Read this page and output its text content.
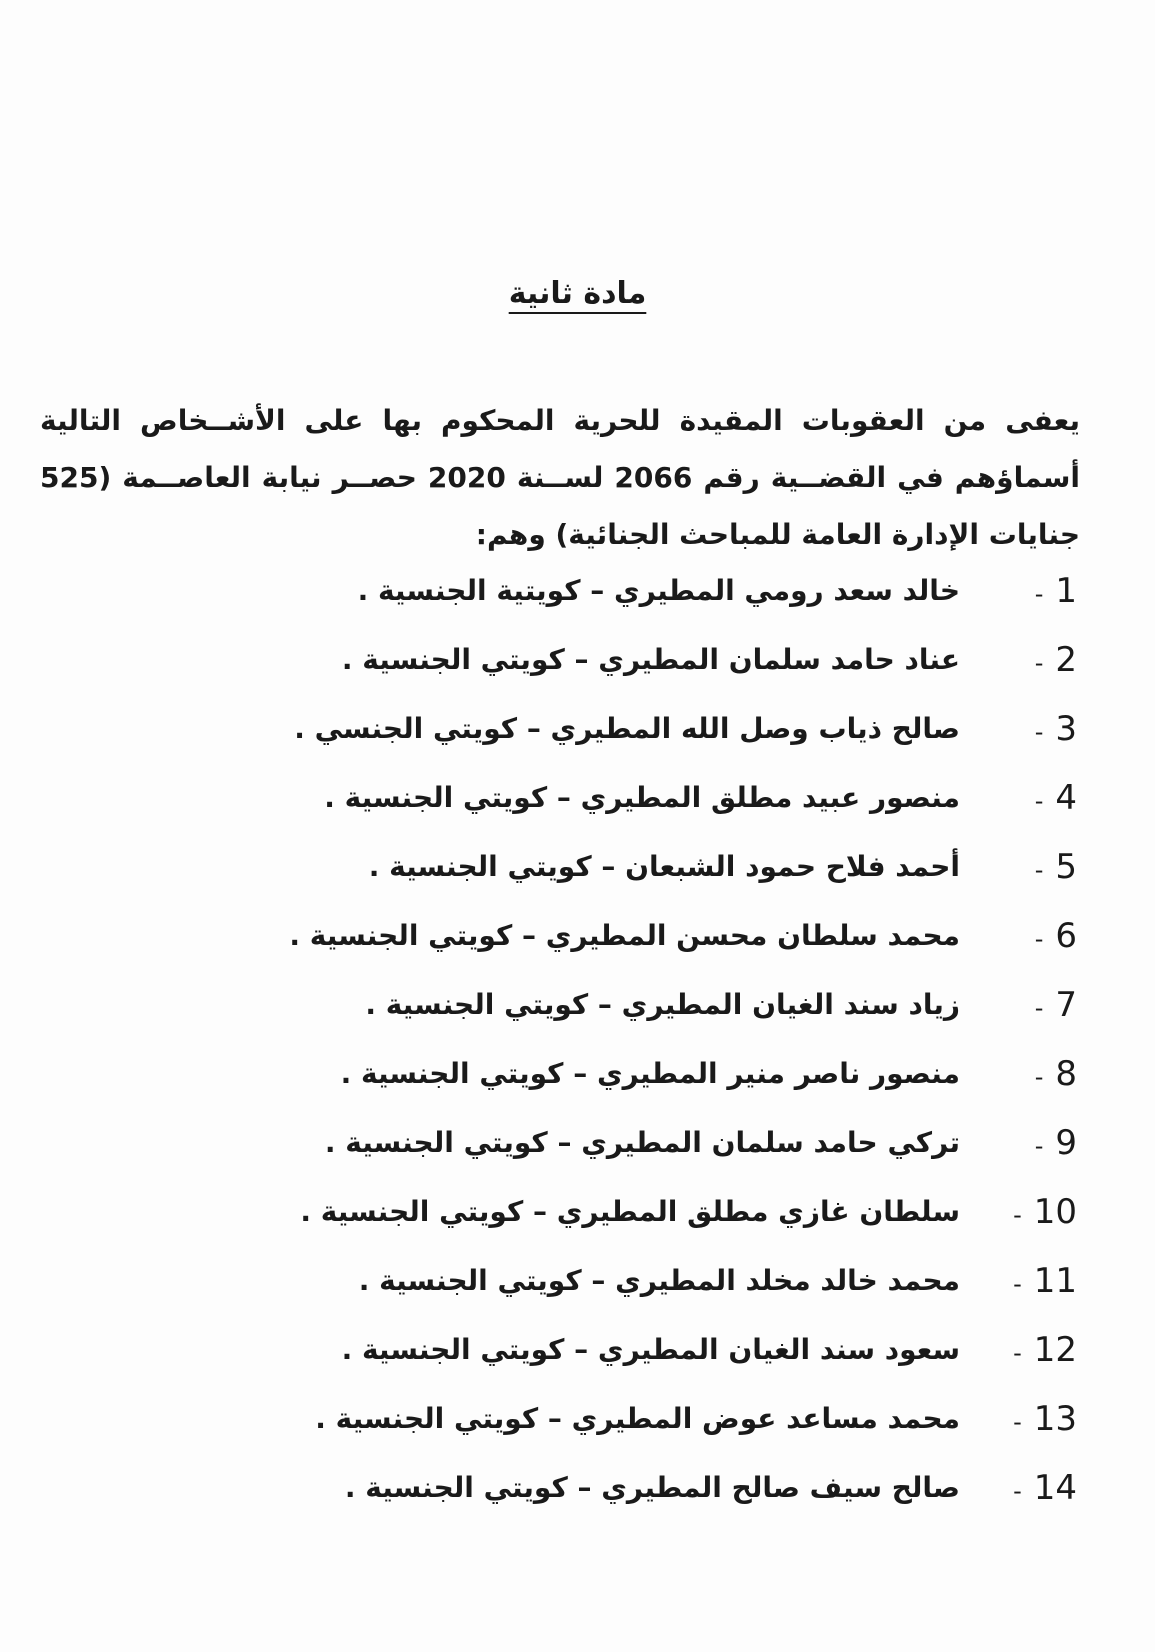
مادة ثانية

يعفى من العقوبات المقيدة للحرية المحكوم بها على الأشــخاص التالية أسماؤهم في القضــية رقم 2066 لســنة 2020 حصــر نيابة العاصــمة (525 جنايات الإدارة العامة للمباحث الجنائية) وهم:

- 1
خالد سعد رومي المطيري – كويتية الجنسية .
- 2
عناد حامد سلمان المطيري – كويتي الجنسية .
- 3
صالح ذياب وصل الله المطيري – كويتي الجنسي .
- 4
منصور عبيد مطلق المطيري – كويتي الجنسية .
- 5
أحمد فلاح حمود الشبعان – كويتي الجنسية .
- 6
محمد سلطان محسن المطيري – كويتي الجنسية .
- 7
زياد سند الغيان المطيري – كويتي الجنسية .
- 8
منصور ناصر منير المطيري – كويتي الجنسية .
- 9
تركي حامد سلمان المطيري – كويتي الجنسية .
- 10
سلطان غازي مطلق المطيري – كويتي الجنسية .
- 11
محمد خالد مخلد المطيري – كويتي الجنسية .
- 12
سعود سند الغيان المطيري – كويتي الجنسية .
- 13
محمد مساعد عوض المطيري – كويتي الجنسية .
- 14
صالح سيف صالح المطيري – كويتي الجنسية .
